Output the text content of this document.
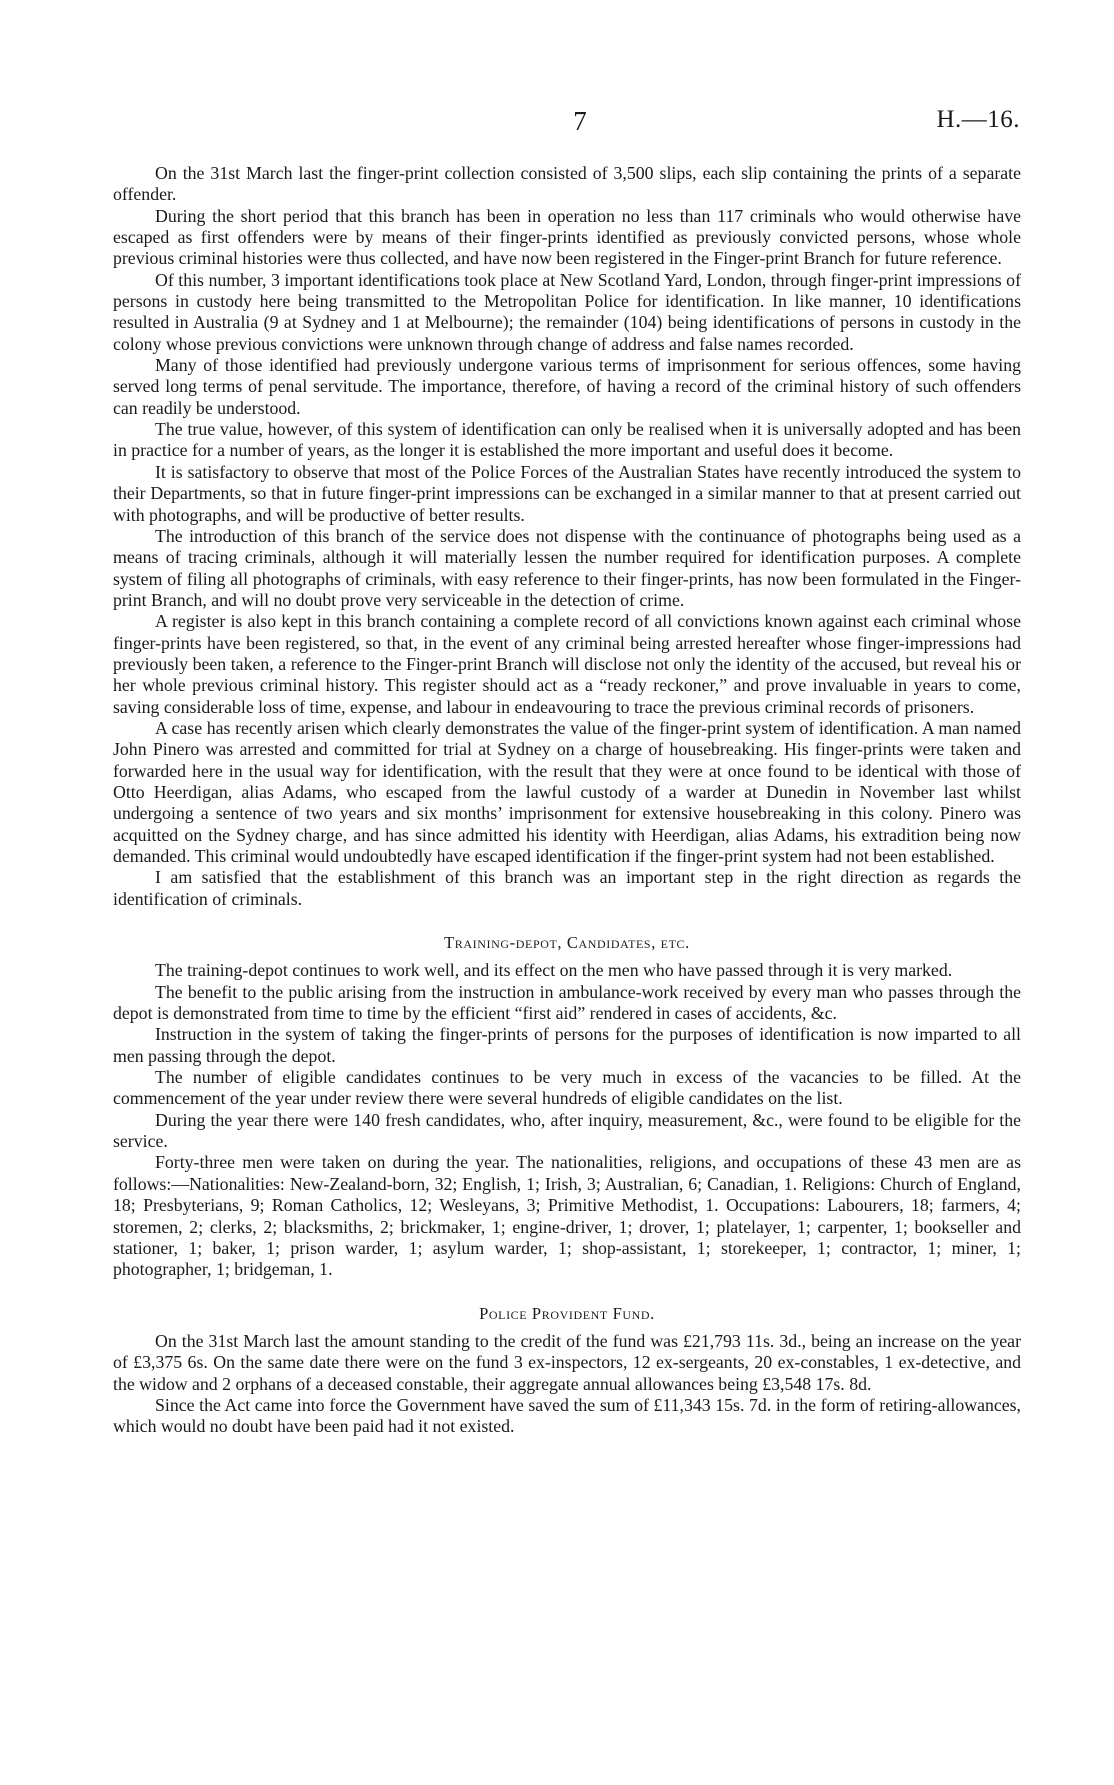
7	H.—16.

On the 31st March last the finger-print collection consisted of 3,500 slips, each slip containing the prints of a separate offender.

During the short period that this branch has been in operation no less than 117 criminals who would otherwise have escaped as first offenders were by means of their finger-prints identified as previously convicted persons, whose whole previous criminal histories were thus collected, and have now been registered in the Finger-print Branch for future reference.

Of this number, 3 important identifications took place at New Scotland Yard, London, through finger-print impressions of persons in custody here being transmitted to the Metropolitan Police for identification. In like manner, 10 identifications resulted in Australia (9 at Sydney and 1 at Melbourne); the remainder (104) being identifications of persons in custody in the colony whose previous convictions were unknown through change of address and false names recorded.

Many of those identified had previously undergone various terms of imprisonment for serious offences, some having served long terms of penal servitude. The importance, therefore, of having a record of the criminal history of such offenders can readily be understood.

The true value, however, of this system of identification can only be realised when it is universally adopted and has been in practice for a number of years, as the longer it is established the more important and useful does it become.

It is satisfactory to observe that most of the Police Forces of the Australian States have recently introduced the system to their Departments, so that in future finger-print impressions can be exchanged in a similar manner to that at present carried out with photographs, and will be productive of better results.

The introduction of this branch of the service does not dispense with the continuance of photographs being used as a means of tracing criminals, although it will materially lessen the number required for identification purposes. A complete system of filing all photographs of criminals, with easy reference to their finger-prints, has now been formulated in the Finger-print Branch, and will no doubt prove very serviceable in the detection of crime.

A register is also kept in this branch containing a complete record of all convictions known against each criminal whose finger-prints have been registered, so that, in the event of any criminal being arrested hereafter whose finger-impressions had previously been taken, a reference to the Finger-print Branch will disclose not only the identity of the accused, but reveal his or her whole previous criminal history. This register should act as a “ready reckoner,” and prove invaluable in years to come, saving considerable loss of time, expense, and labour in endeavouring to trace the previous criminal records of prisoners.

A case has recently arisen which clearly demonstrates the value of the finger-print system of identification. A man named John Pinero was arrested and committed for trial at Sydney on a charge of housebreaking. His finger-prints were taken and forwarded here in the usual way for identification, with the result that they were at once found to be identical with those of Otto Heerdigan, alias Adams, who escaped from the lawful custody of a warder at Dunedin in November last whilst undergoing a sentence of two years and six months’ imprisonment for extensive housebreaking in this colony. Pinero was acquitted on the Sydney charge, and has since admitted his identity with Heerdigan, alias Adams, his extradition being now demanded. This criminal would undoubtedly have escaped identification if the finger-print system had not been established.

I am satisfied that the establishment of this branch was an important step in the right direction as regards the identification of criminals.

Training-depot, Candidates, etc.

The training-depot continues to work well, and its effect on the men who have passed through it is very marked.

The benefit to the public arising from the instruction in ambulance-work received by every man who passes through the depot is demonstrated from time to time by the efficient “first aid” rendered in cases of accidents, &c.

Instruction in the system of taking the finger-prints of persons for the purposes of identification is now imparted to all men passing through the depot.

The number of eligible candidates continues to be very much in excess of the vacancies to be filled. At the commencement of the year under review there were several hundreds of eligible candidates on the list.

During the year there were 140 fresh candidates, who, after inquiry, measurement, &c., were found to be eligible for the service.

Forty-three men were taken on during the year. The nationalities, religions, and occupations of these 43 men are as follows:—Nationalities: New-Zealand-born, 32; English, 1; Irish, 3; Australian, 6; Canadian, 1. Religions: Church of England, 18; Presbyterians, 9; Roman Catholics, 12; Wesleyans, 3; Primitive Methodist, 1. Occupations: Labourers, 18; farmers, 4; storemen, 2; clerks, 2; blacksmiths, 2; brickmaker, 1; engine-driver, 1; drover, 1; platelayer, 1; carpenter, 1; bookseller and stationer, 1; baker, 1; prison warder, 1; asylum warder, 1; shop-assistant, 1; storekeeper, 1; contractor, 1; miner, 1; photographer, 1; bridgeman, 1.

Police Provident Fund.

On the 31st March last the amount standing to the credit of the fund was £21,793 11s. 3d., being an increase on the year of £3,375 6s. On the same date there were on the fund 3 ex-inspectors, 12 ex-sergeants, 20 ex-constables, 1 ex-detective, and the widow and 2 orphans of a deceased constable, their aggregate annual allowances being £3,548 17s. 8d.

Since the Act came into force the Government have saved the sum of £11,343 15s. 7d. in the form of retiring-allowances, which would no doubt have been paid had it not existed.
